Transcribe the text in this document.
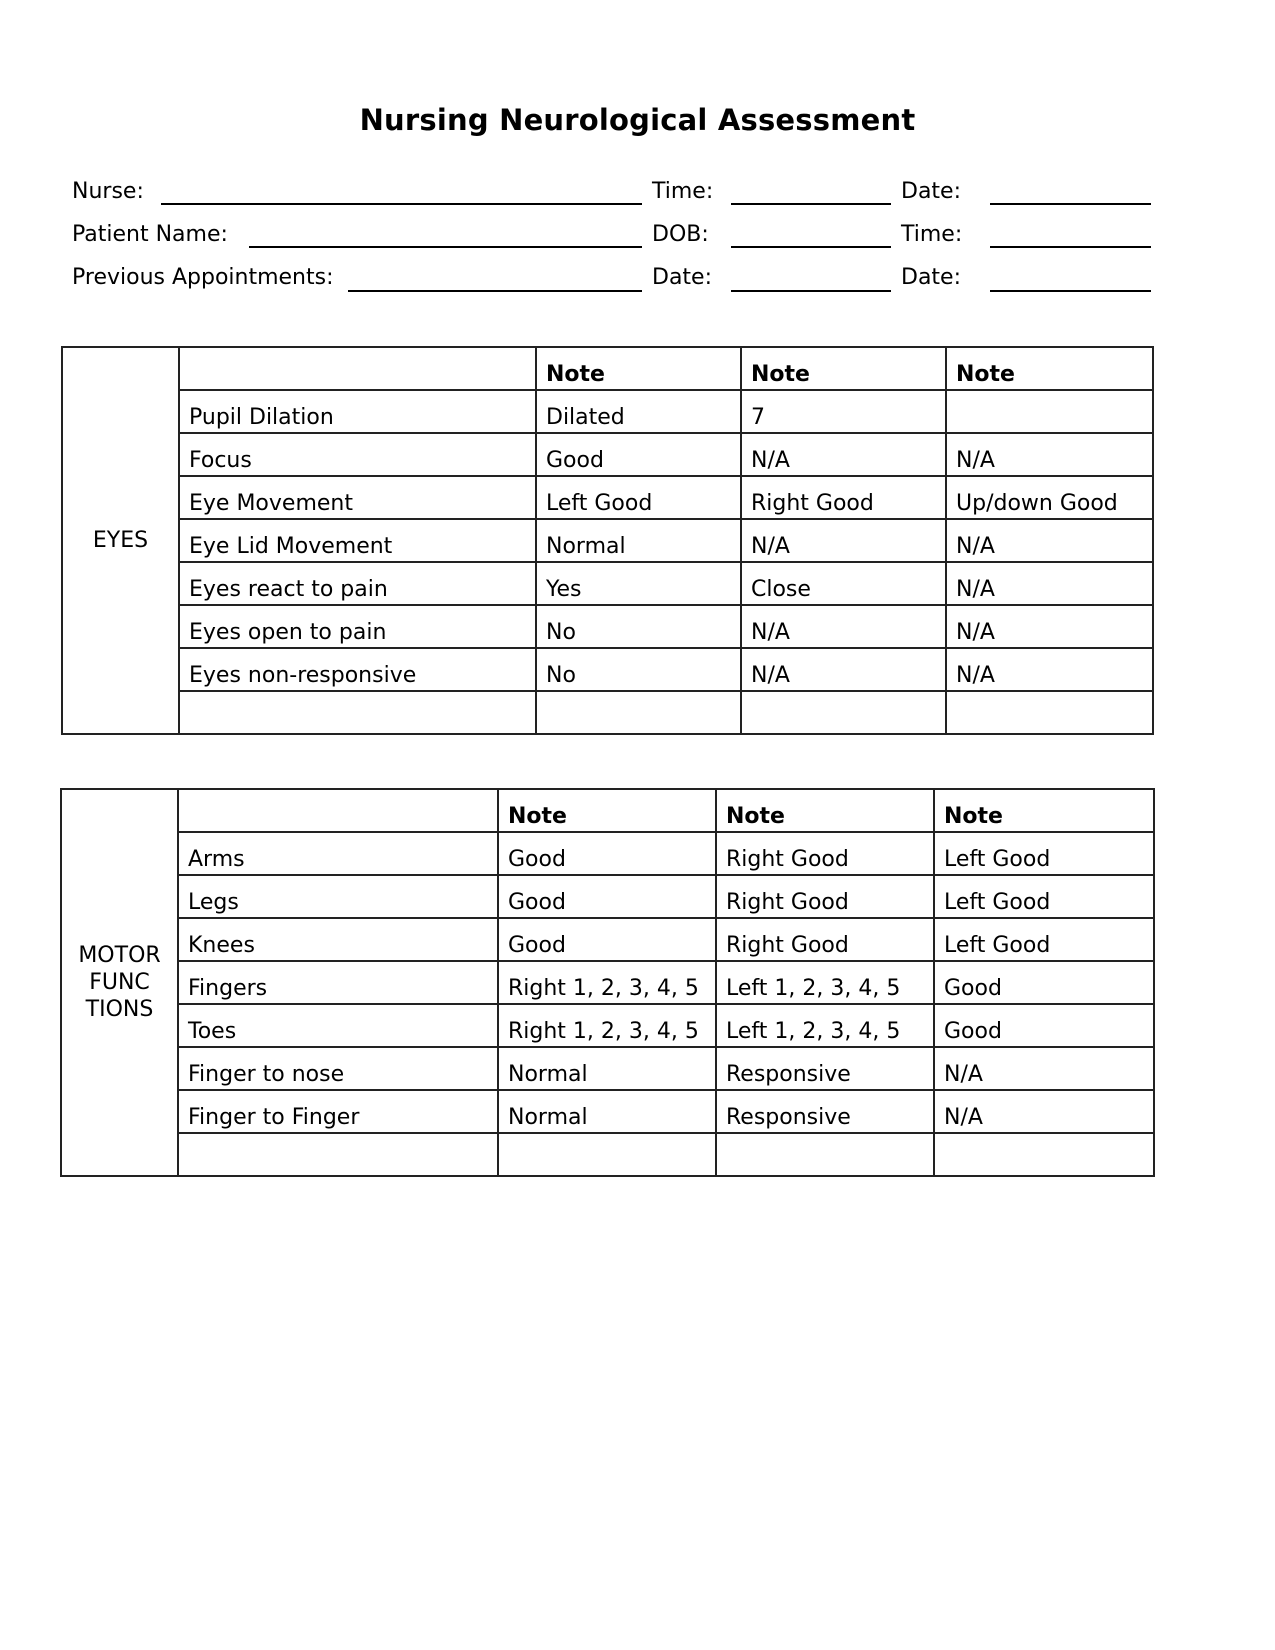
Nursing Neurological Assessment
Nurse:	Time:	Date:
Patient Name:	DOB:	Time:
Previous Appointments:	Date:	Date:
EYES		Note	Note	Note
	Pupil Dilation	Dilated	7	
	Focus	Good	N/A	N/A
	Eye Movement	Left Good	Right Good	Up/down Good
	Eye Lid Movement	Normal	N/A	N/A
	Eyes react to pain	Yes	Close	N/A
	Eyes open to pain	No	N/A	N/A
	Eyes non-responsive	No	N/A	N/A

MOTOR
FUNC
TIONS		Note	Note	Note
	Arms	Good	Right Good	Left Good
	Legs	Good	Right Good	Left Good
	Knees	Good	Right Good	Left Good
	Fingers	Right 1, 2, 3, 4, 5	Left 1, 2, 3, 4, 5	Good
	Toes	Right 1, 2, 3, 4, 5	Left 1, 2, 3, 4, 5	Good
	Finger to nose	Normal	Responsive	N/A
	Finger to Finger	Normal	Responsive	N/A
